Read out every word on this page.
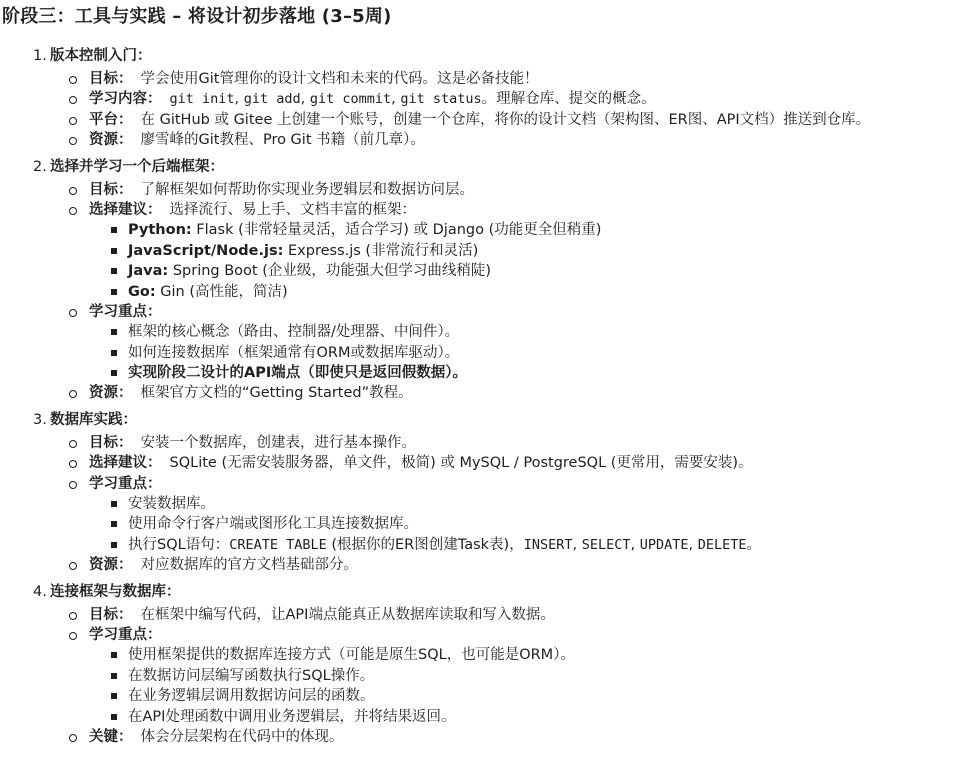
阶段三：工具与实践 – 将设计初步落地 (3–5周)
1. 版本控制入门：
目标： 学会使用Git管理你的设计文档和未来的代码。这是必备技能！
学习内容： git init, git add, git commit, git status。理解仓库、提交的概念。
平台： 在 GitHub 或 Gitee 上创建一个账号，创建一个仓库，将你的设计文档（架构图、ER图、API文档）推送到仓库。
资源： 廖雪峰的Git教程、Pro Git 书籍（前几章）。
2. 选择并学习一个后端框架：
目标： 了解框架如何帮助你实现业务逻辑层和数据访问层。
选择建议： 选择流行、易上手、文档丰富的框架：
Python: Flask (非常轻量灵活，适合学习) 或 Django (功能更全但稍重)
JavaScript/Node.js: Express.js (非常流行和灵活)
Java: Spring Boot (企业级，功能强大但学习曲线稍陡)
Go: Gin (高性能，简洁)
学习重点：
框架的核心概念（路由、控制器/处理器、中间件）。
如何连接数据库（框架通常有ORM或数据库驱动）。
实现阶段二设计的API端点（即使只是返回假数据）。
资源： 框架官方文档的“Getting Started”教程。
3. 数据库实践：
目标： 安装一个数据库，创建表，进行基本操作。
选择建议： SQLite (无需安装服务器，单文件，极简) 或 MySQL / PostgreSQL (更常用，需要安装)。
学习重点：
安装数据库。
使用命令行客户端或图形化工具连接数据库。
执行SQL语句：CREATE TABLE (根据你的ER图创建Task表)，INSERT, SELECT, UPDATE, DELETE。
资源： 对应数据库的官方文档基础部分。
4. 连接框架与数据库：
目标： 在框架中编写代码，让API端点能真正从数据库读取和写入数据。
学习重点：
使用框架提供的数据库连接方式（可能是原生SQL，也可能是ORM）。
在数据访问层编写函数执行SQL操作。
在业务逻辑层调用数据访问层的函数。
在API处理函数中调用业务逻辑层，并将结果返回。
关键： 体会分层架构在代码中的体现。
